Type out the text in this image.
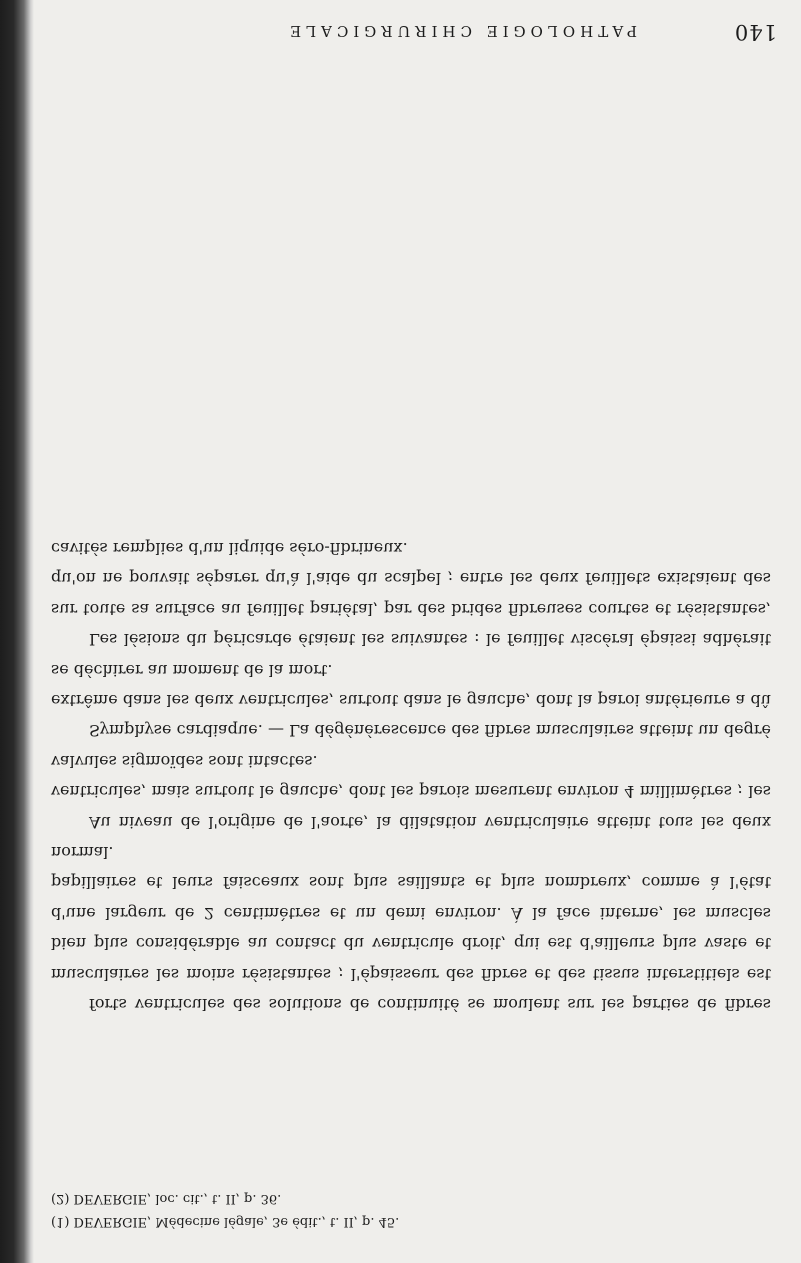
140
PATHOLOGIE CHIRURGICALE

forts ventricules des solutions de continuité se moulent sur les parties de fibres musculaires les moins résistantes ; l'épaisseur des fibres et des tissus interstitiels est bien plus considérable au contact du ventricule droit, qui est d'ailleurs plus vaste et d'une largeur de 2 centimètres et un demi environ. À la face interne, les muscles papillaires et leurs faisceaux sont plus saillants et plus nombreux, comme à l'état normal.

Au niveau de l'origine de l'aorte, la dilatation ventriculaire atteint tous les deux ventricules, mais surtout le gauche, dont les parois mesurent environ 4 millimètres ; les valvules sigmoïdes sont intactes.

Symphyse cardiaque. — La dégénérescence des fibres musculaires atteint un degré extrême dans les deux ventricules, surtout dans le gauche, dont la paroi antérieure a dû se déchirer au moment de la mort.

Les lésions du péricarde étaient les suivantes : le feuillet viscéral épaissi adhérait sur toute sa surface au feuillet pariétal, par des brides fibreuses courtes et résistantes, qu'on ne pouvait séparer qu'à l'aide du scalpel ; entre les deux feuillets existaient des cavités remplies d'un liquide séro-fibrineux.

(1) DEVERGIE, Médecine légale, 3e édit., t. II, p. 45.
(2) DEVERGIE, loc. cit., t. II, p. 36.
